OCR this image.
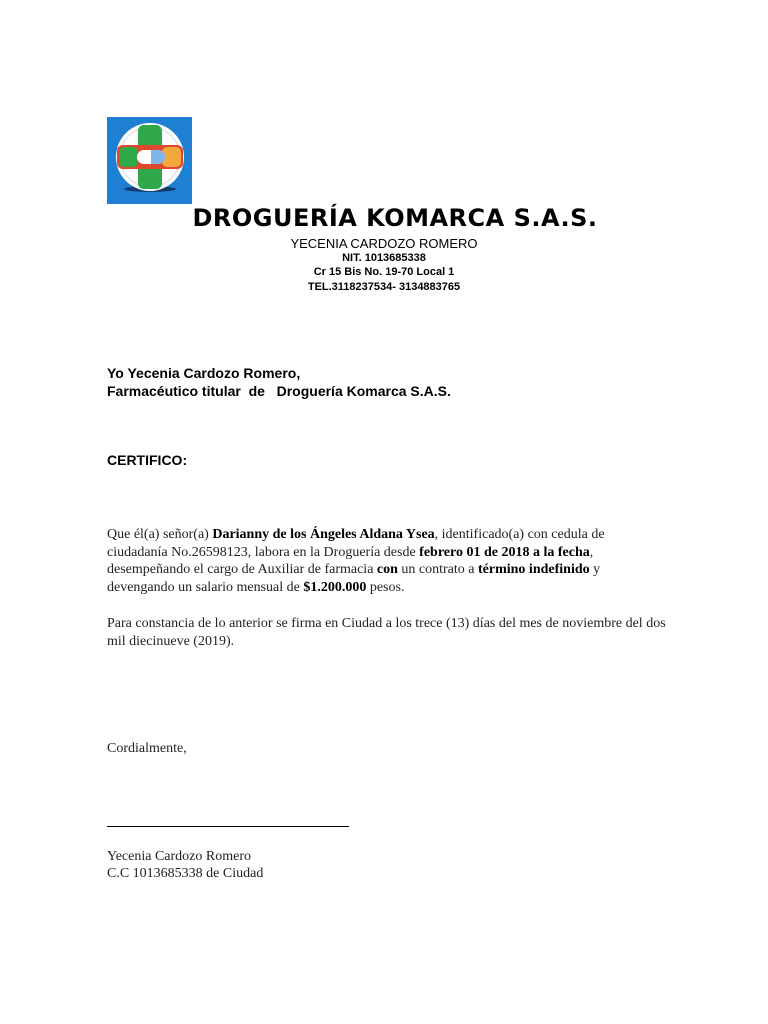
DROGUERÍA KOMARCA S.A.S.
YECENIA CARDOZO ROMERO
NIT. 1013685338
Cr 15 Bis No. 19-70 Local 1
TEL.3118237534- 3134883765
Yo Yecenia Cardozo Romero,
Farmacéutico titular  de   Droguería Komarca S.A.S.
CERTIFICO:
Que él(a) señor(a) Darianny de los Ángeles Aldana Ysea, identificado(a) con cedula de ciudadanía No.26598123, labora en la Droguería desde febrero 01 de 2018 a la fecha, desempeñando el cargo de Auxiliar de farmacia con un contrato a término indefinido y devengando un salario mensual de $1.200.000 pesos.
Para constancia de lo anterior se firma en Ciudad a los trece (13) días del mes de noviembre del dos mil diecinueve (2019).
Cordialmente,
Yecenia Cardozo Romero
C.C 1013685338 de Ciudad
